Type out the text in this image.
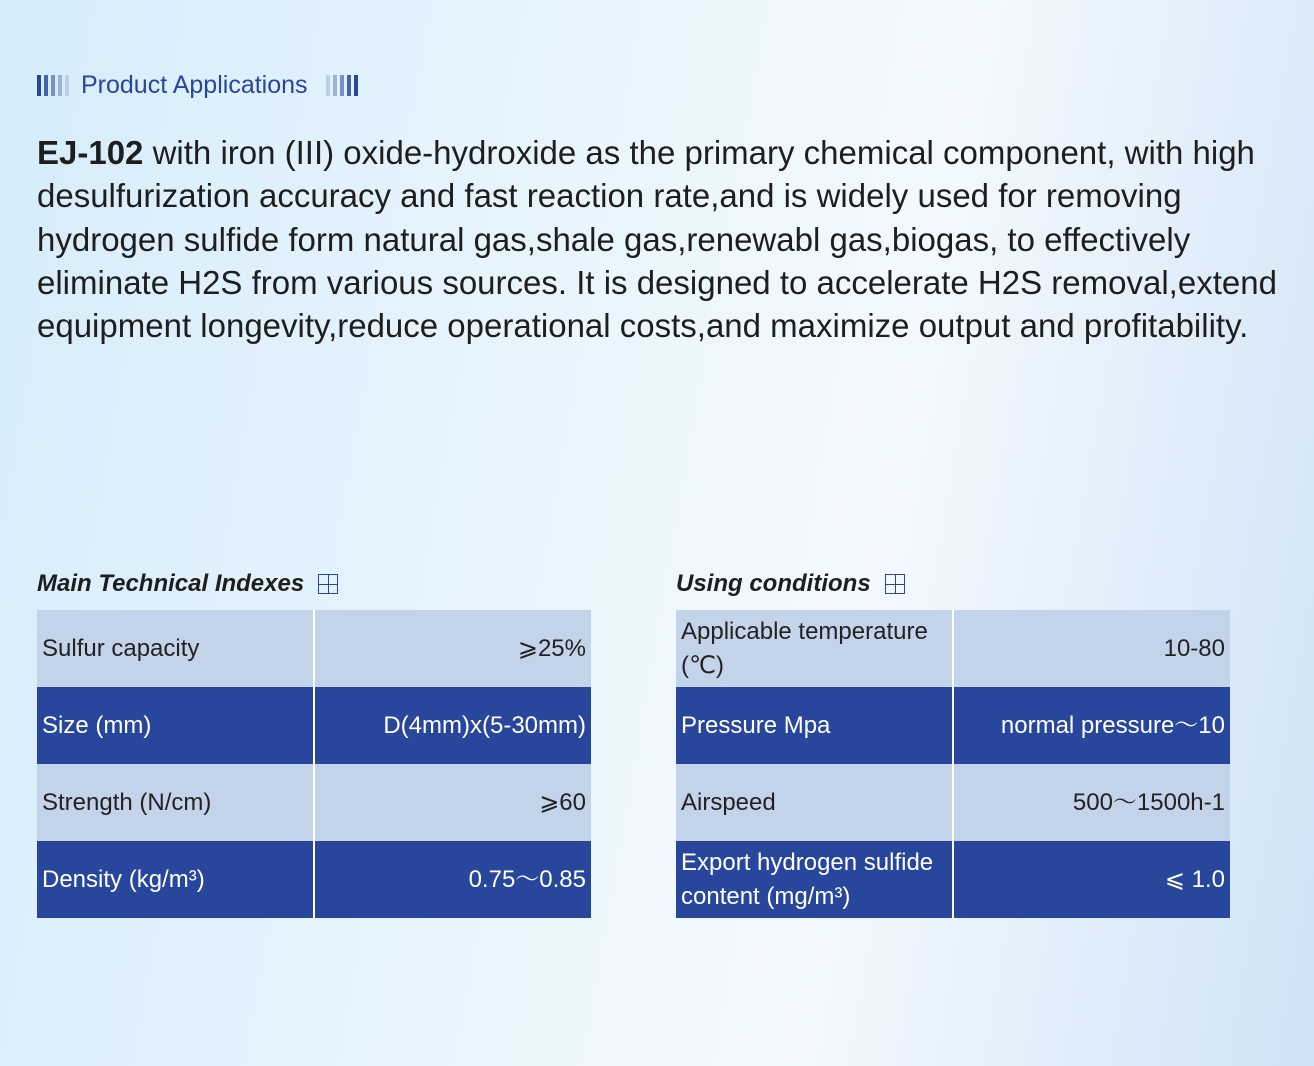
Product Applications
EJ-102 with iron (III) oxide-hydroxide as the primary chemical component, with high desulfurization accuracy and fast reaction rate,and is widely used for removing hydrogen sulfide form natural gas,shale gas,renewabl gas,biogas, to effectively eliminate H2S from various sources. It is designed to accelerate H2S removal,extend equipment longevity,reduce operational costs,and maximize output and profitability.
Main Technical Indexes	Using conditions
Sulfur capacity	⩾25%
Size (mm)	D(4mm)x(5-30mm)
Strength (N/cm)	⩾60
Density (kg/m³)	0.75～0.85
Applicable temperature (℃)	10-80
Pressure Mpa	normal pressure～10
Airspeed	500～1500h-1
Export hydrogen sulfide content (mg/m³)	⩽ 1.0
